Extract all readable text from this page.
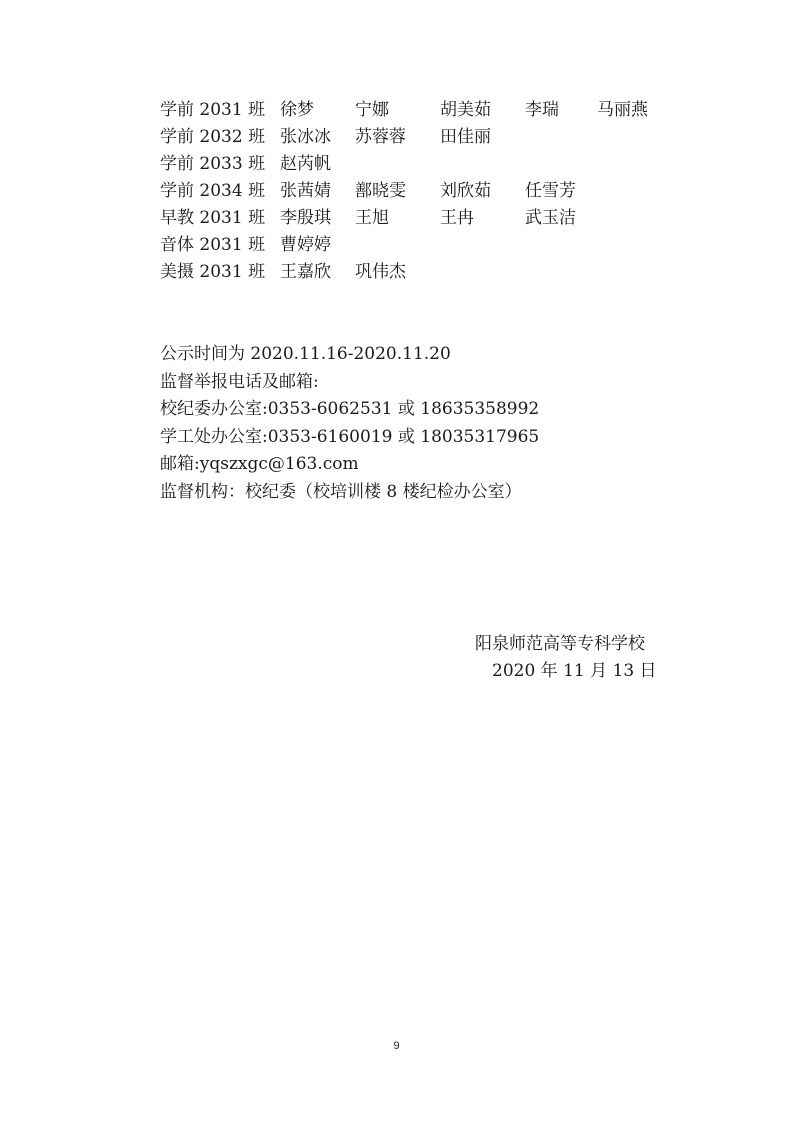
学前 2031 班 徐梦 宁娜	胡美茹 李瑞 马丽燕
学前 2032 班 张冰冰 苏蓉蓉 田佳丽
学前 2033 班 赵芮帆
学前 2034 班 张茜婧 鄯晓雯 刘欣茹 任雪芳
早教 2031 班 李殷琪 王旭	王冉	武玉洁
音体 2031 班 曹婷婷
美摄 2031 班 王嘉欣 巩伟杰
公示时间为 2020.11.16-2020.11.20
监督举报电话及邮箱:
校纪委办公室:0353-6062531 或 18635358992
学工处办公室:0353-6160019 或 18035317965
邮箱:yqszxgc@163.com
监督机构：校纪委（校培训楼 8 楼纪检办公室）
阳泉师范高等专科学校
2020 年 11 月 13 日
9
